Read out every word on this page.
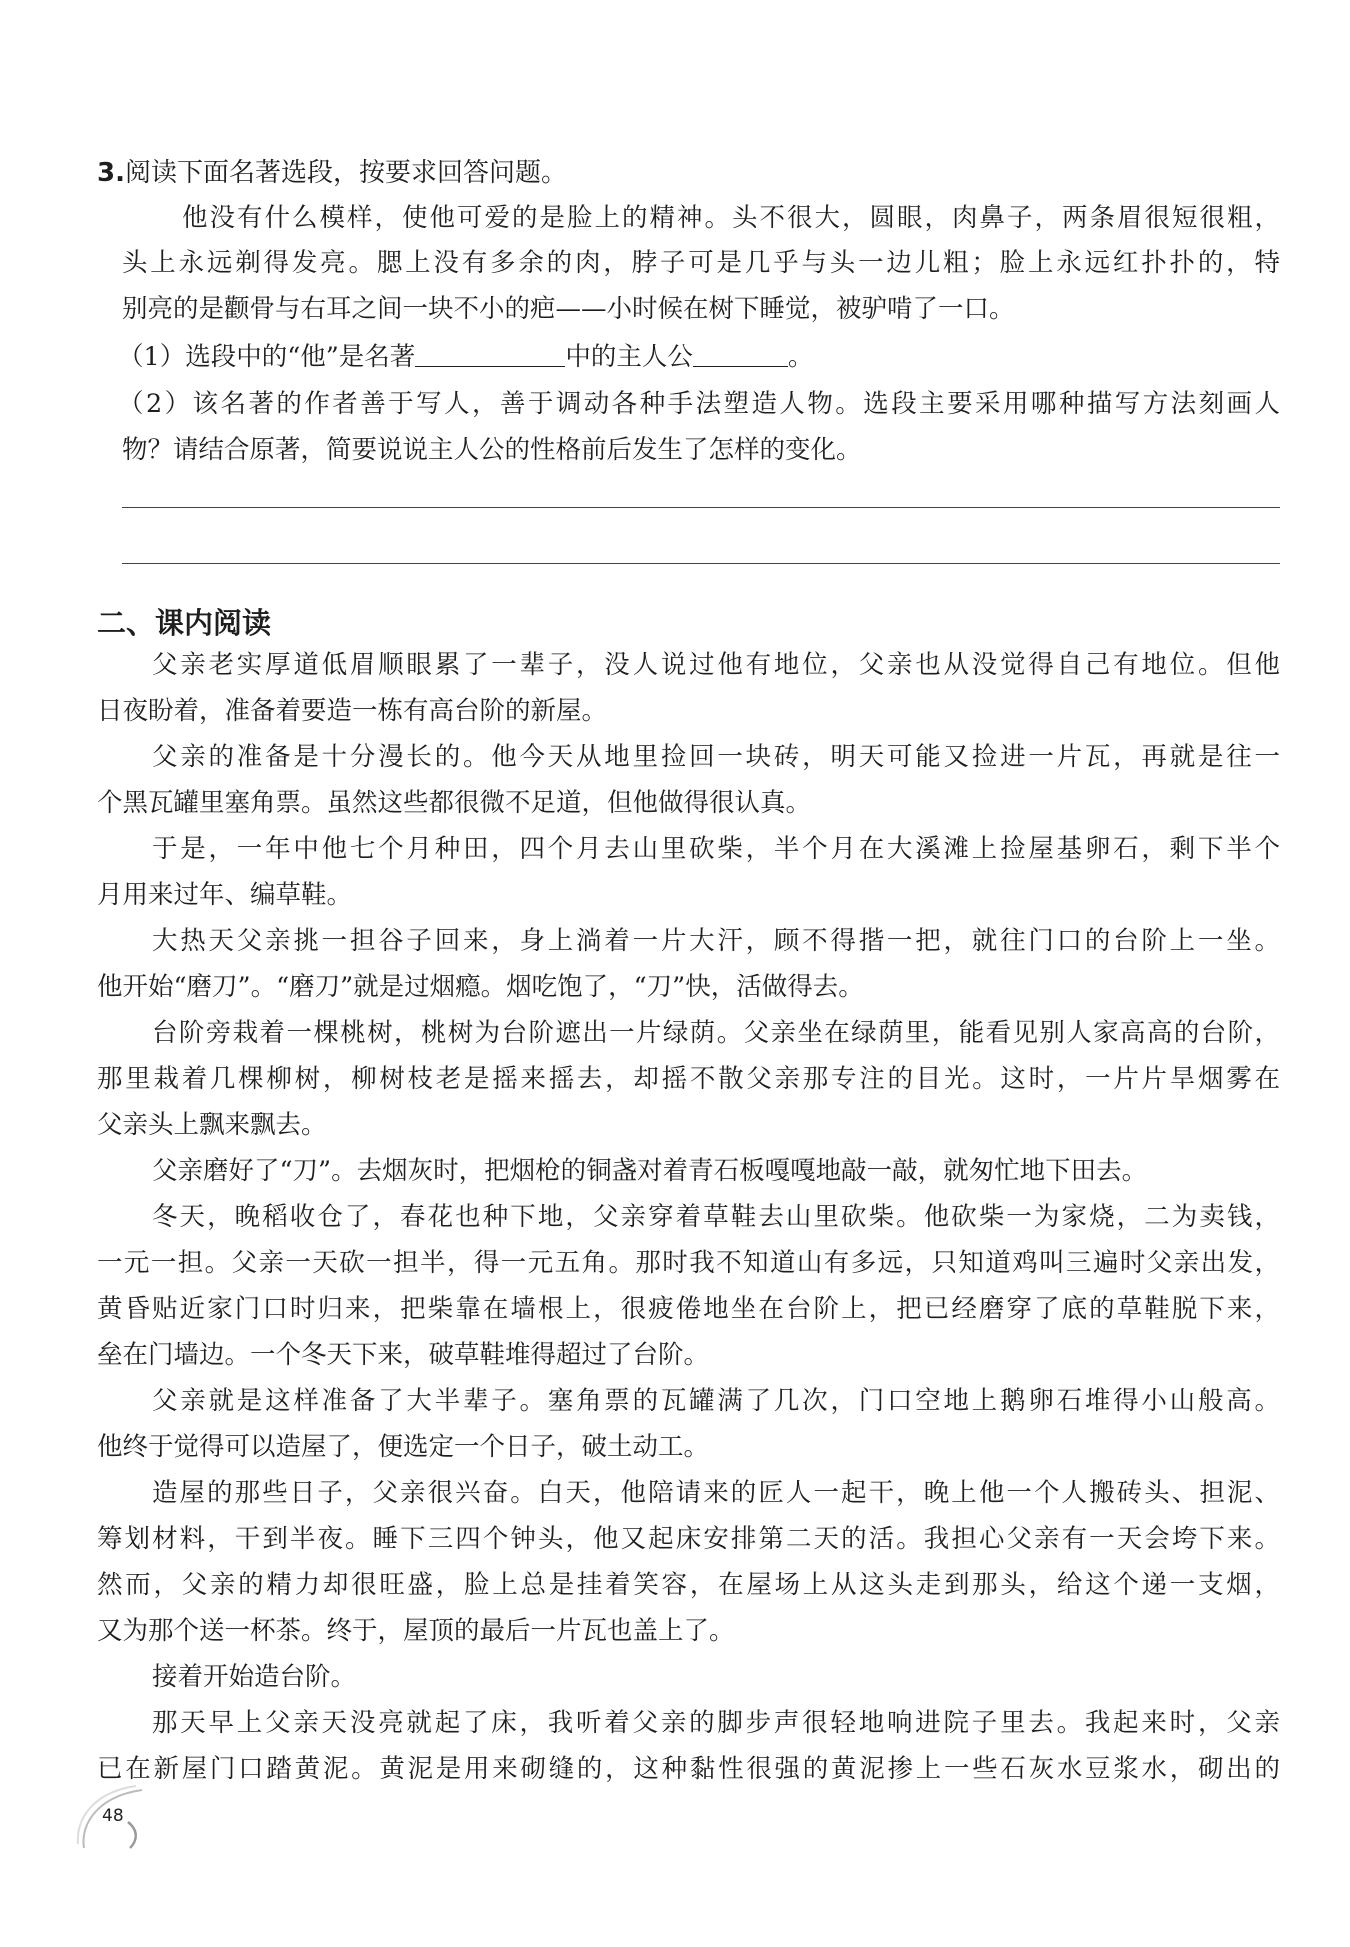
3.阅读下面名著选段，按要求回答问题。
他没有什么模样，使他可爱的是脸上的精神。头不很大，圆眼，肉鼻子，两条眉很短很粗，
头上永远剃得发亮。腮上没有多余的肉，脖子可是几乎与头一边儿粗；脸上永远红扑扑的，特
别亮的是颧骨与右耳之间一块不小的疤——小时候在树下睡觉，被驴啃了一口。
（1）选段中的“他”是名著	中的主人公	。
（2）该名著的作者善于写人，善于调动各种手法塑造人物。选段主要采用哪种描写方法刻画人
物？请结合原著，简要说说主人公的性格前后发生了怎样的变化。
二、课内阅读
父亲老实厚道低眉顺眼累了一辈子，没人说过他有地位，父亲也从没觉得自己有地位。但他
日夜盼着，准备着要造一栋有高台阶的新屋。
父亲的准备是十分漫长的。他今天从地里捡回一块砖，明天可能又捡进一片瓦，再就是往一
个黑瓦罐里塞角票。虽然这些都很微不足道，但他做得很认真。
于是，一年中他七个月种田，四个月去山里砍柴，半个月在大溪滩上捡屋基卵石，剩下半个
月用来过年、编草鞋。
大热天父亲挑一担谷子回来，身上淌着一片大汗，顾不得揩一把，就往门口的台阶上一坐。
他开始“磨刀”。“磨刀”就是过烟瘾。烟吃饱了，“刀”快，活做得去。
台阶旁栽着一棵桃树，桃树为台阶遮出一片绿荫。父亲坐在绿荫里，能看见别人家高高的台阶，
那里栽着几棵柳树，柳树枝老是摇来摇去，却摇不散父亲那专注的目光。这时，一片片旱烟雾在
父亲头上飘来飘去。
父亲磨好了“刀”。去烟灰时，把烟枪的铜盏对着青石板嘎嘎地敲一敲，就匆忙地下田去。
冬天，晚稻收仓了，春花也种下地，父亲穿着草鞋去山里砍柴。他砍柴一为家烧，二为卖钱，
一元一担。父亲一天砍一担半，得一元五角。那时我不知道山有多远，只知道鸡叫三遍时父亲出发，
黄昏贴近家门口时归来，把柴靠在墙根上，很疲倦地坐在台阶上，把已经磨穿了底的草鞋脱下来，
垒在门墙边。一个冬天下来，破草鞋堆得超过了台阶。
父亲就是这样准备了大半辈子。塞角票的瓦罐满了几次，门口空地上鹅卵石堆得小山般高。
他终于觉得可以造屋了，便选定一个日子，破土动工。
造屋的那些日子，父亲很兴奋。白天，他陪请来的匠人一起干，晚上他一个人搬砖头、担泥、
筹划材料，干到半夜。睡下三四个钟头，他又起床安排第二天的活。我担心父亲有一天会垮下来。
然而，父亲的精力却很旺盛，脸上总是挂着笑容，在屋场上从这头走到那头，给这个递一支烟，
又为那个送一杯茶。终于，屋顶的最后一片瓦也盖上了。
接着开始造台阶。
那天早上父亲天没亮就起了床，我听着父亲的脚步声很轻地响进院子里去。我起来时，父亲
已在新屋门口踏黄泥。黄泥是用来砌缝的，这种黏性很强的黄泥掺上一些石灰水豆浆水，砌出的
48
